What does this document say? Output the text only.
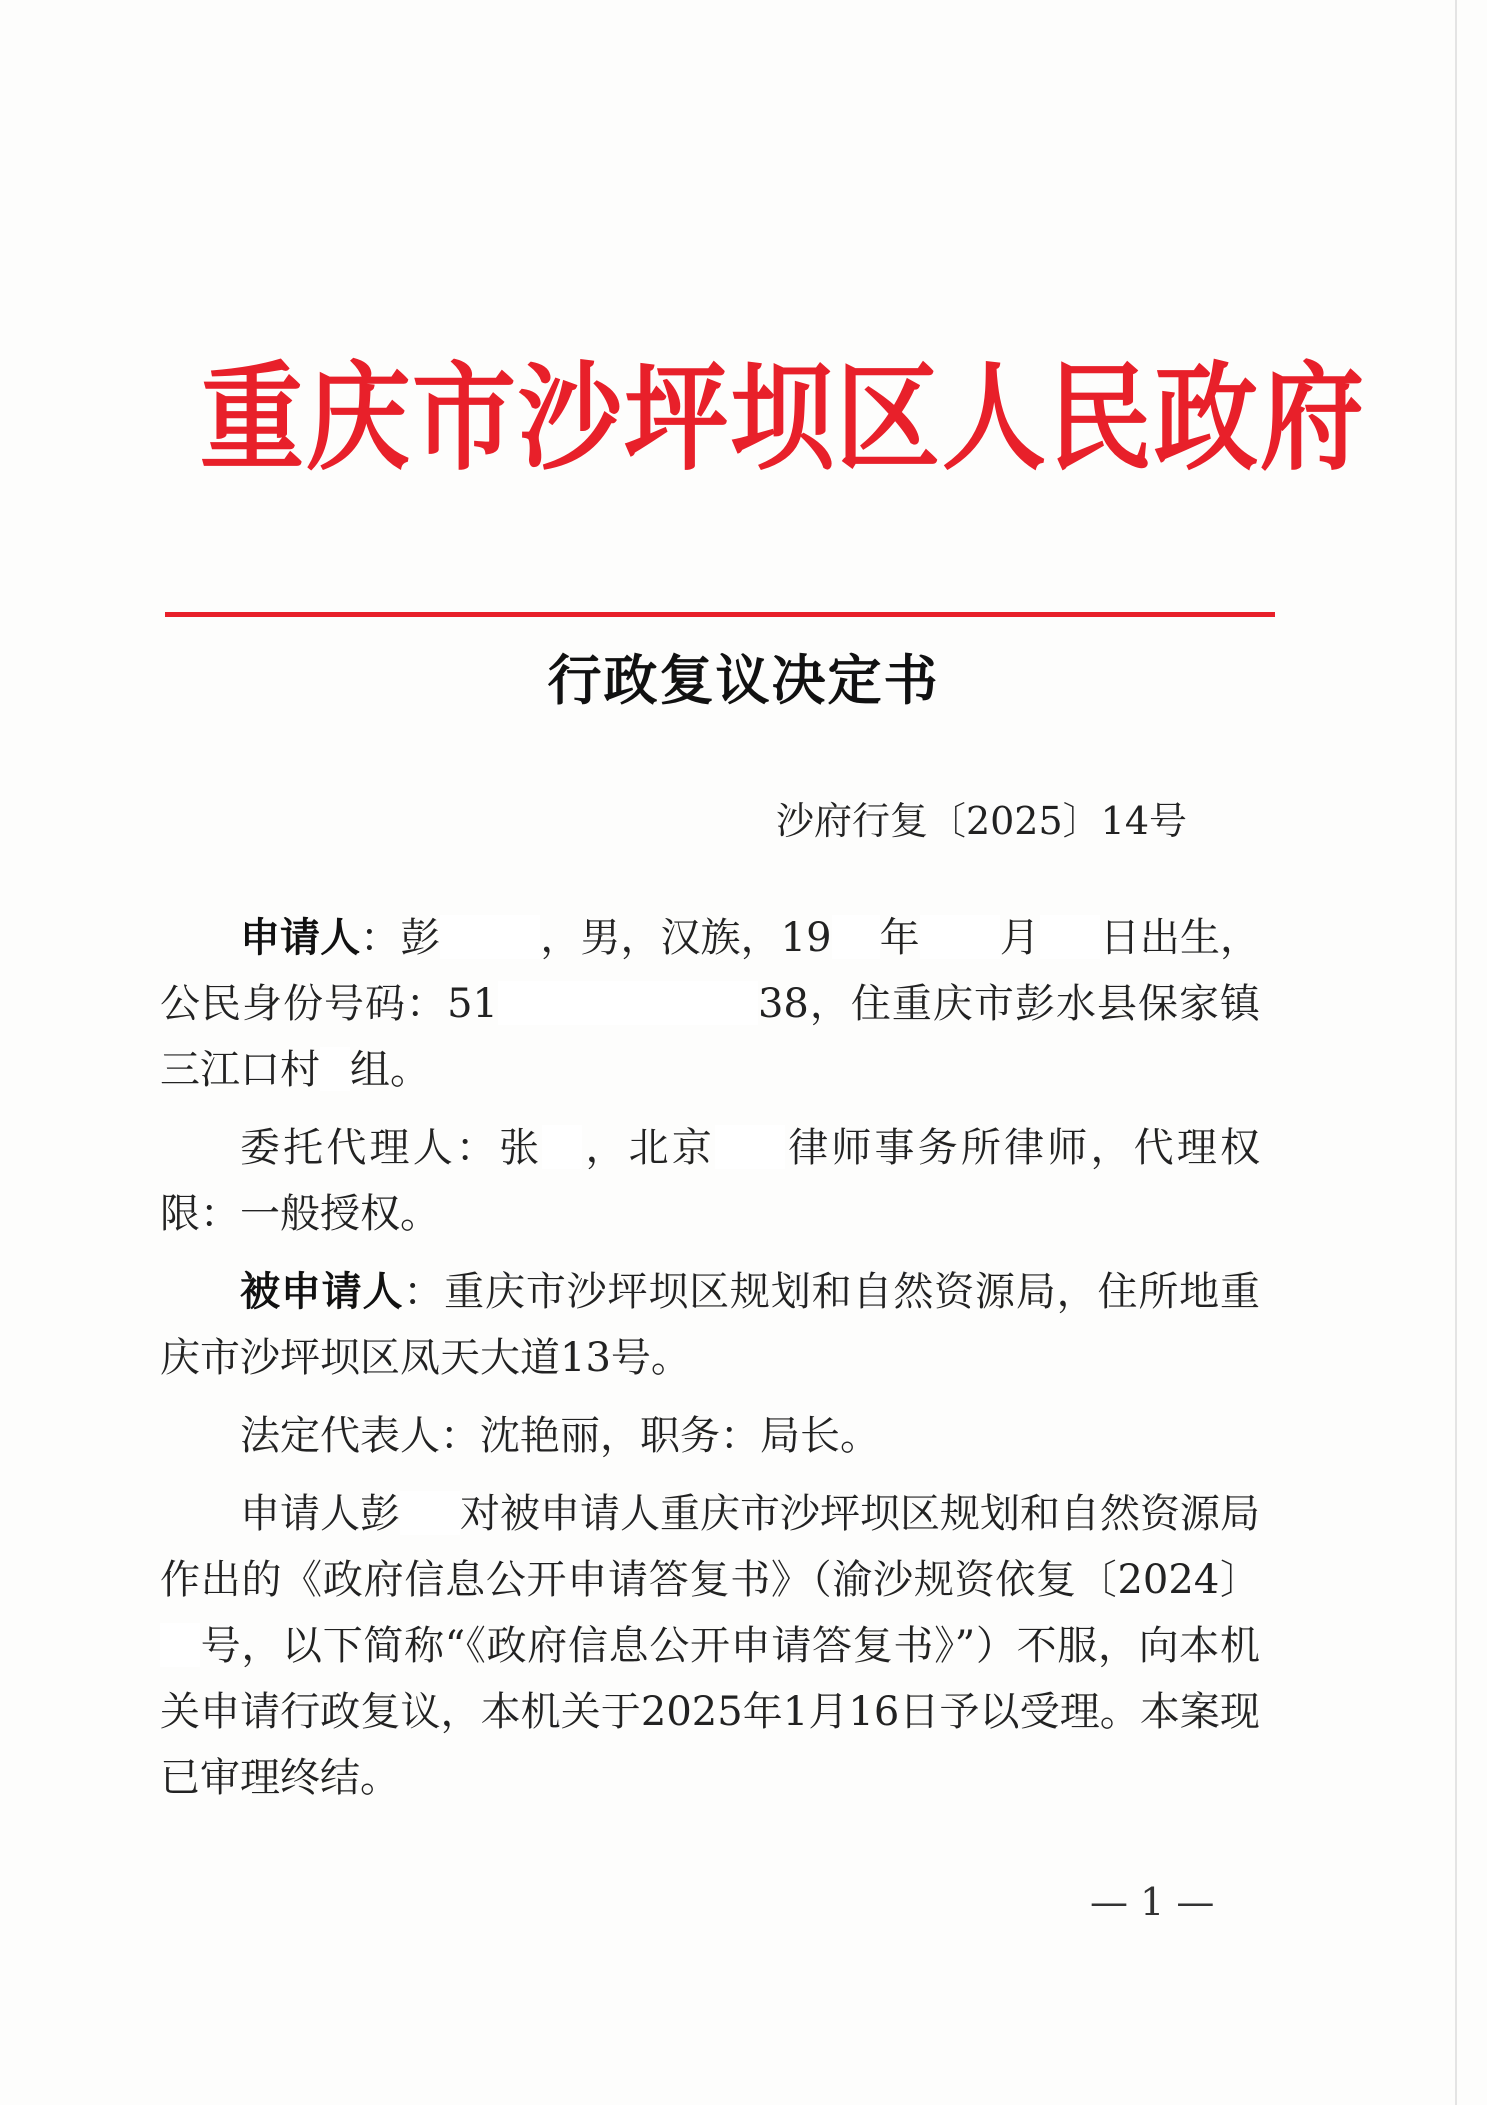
重庆市沙坪坝区人民政府
行政复议决定书
沙府行复〔2025〕14号

申请人：彭	，男，汉族，19 年 月 日出生，公民身份号码：51	38，住重庆市彭水县保家镇三江口村 组。

委托代理人：张 ，北京 律师事务所律师，代理权限：一般授权。

被申请人：重庆市沙坪坝区规划和自然资源局，住所地重庆市沙坪坝区凤天大道13号。

法定代表人：沈艳丽，职务：局长。

申请人彭 对被申请人重庆市沙坪坝区规划和自然资源局作出的《政府信息公开申请答复书》（渝沙规资依复〔2024〕号，以下简称“《政府信息公开申请答复书》”）不服，向本机关申请行政复议，本机关于2025年1月16日予以受理。本案现已审理终结。

— 1 —
